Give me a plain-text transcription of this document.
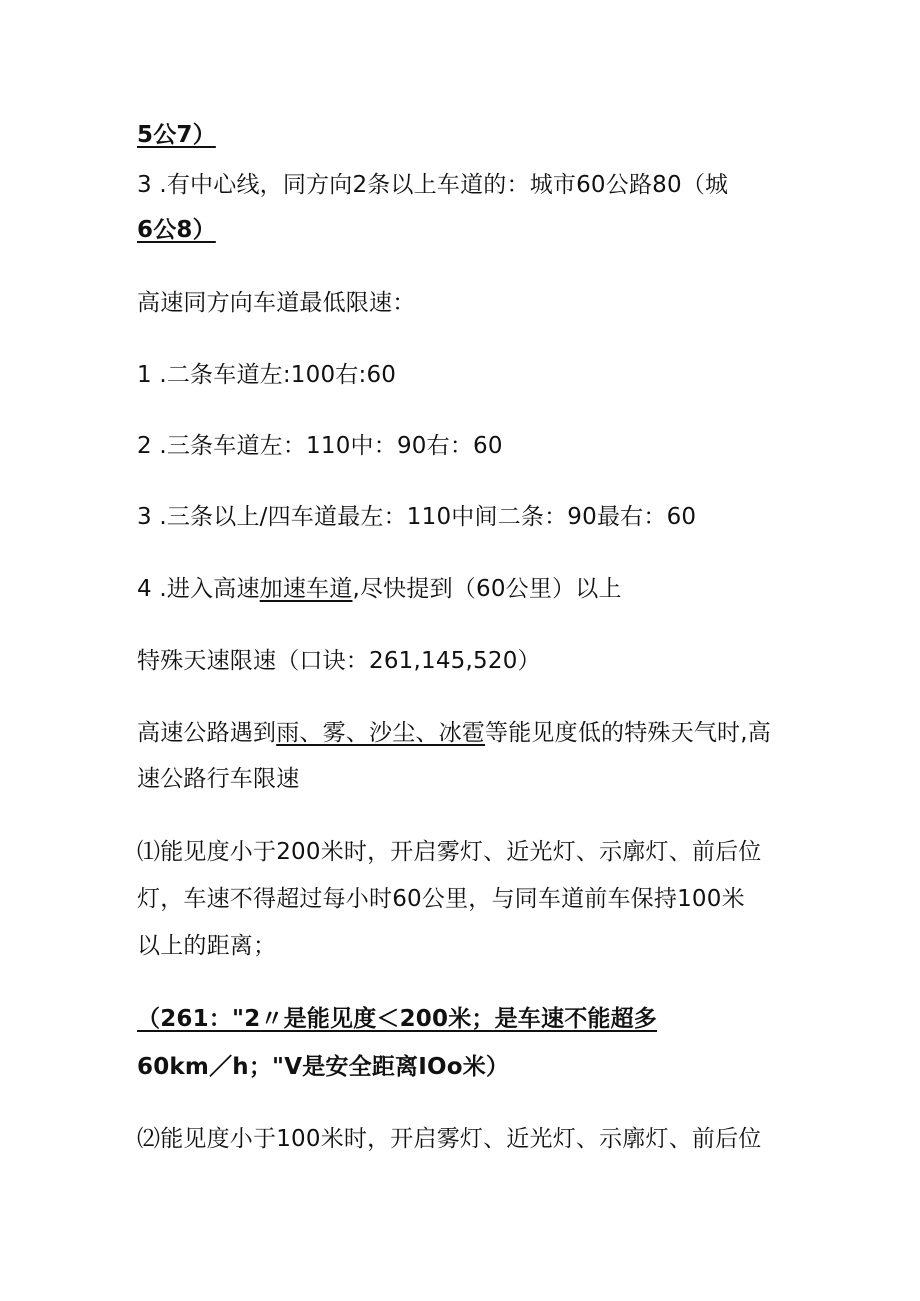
5公7）
3 .有中心线，同方向2条以上车道的：城市60公路80（城
6公8）
高速同方向车道最低限速：
1 .二条车道左:100右:60
2 .三条车道左：110中：90右：60
3 .三条以上/四车道最左：110中间二条：90最右：60
4 .进入高速加速车道,尽快提到（60公里）以上
特殊天速限速（口诀：261,145,520）
高速公路遇到雨、雾、沙尘、冰雹等能见度低的特殊天气时,高
速公路行车限速
⑴能见度小于200米时，开启雾灯、近光灯、示廓灯、前后位
灯，车速不得超过每小时60公里，与同车道前车保持100米
以上的距离；
（261："2〃是能见度＜200米；是车速不能超多
60km／h；"V是安全距离IOo米）
⑵能见度小于100米时，开启雾灯、近光灯、示廓灯、前后位
